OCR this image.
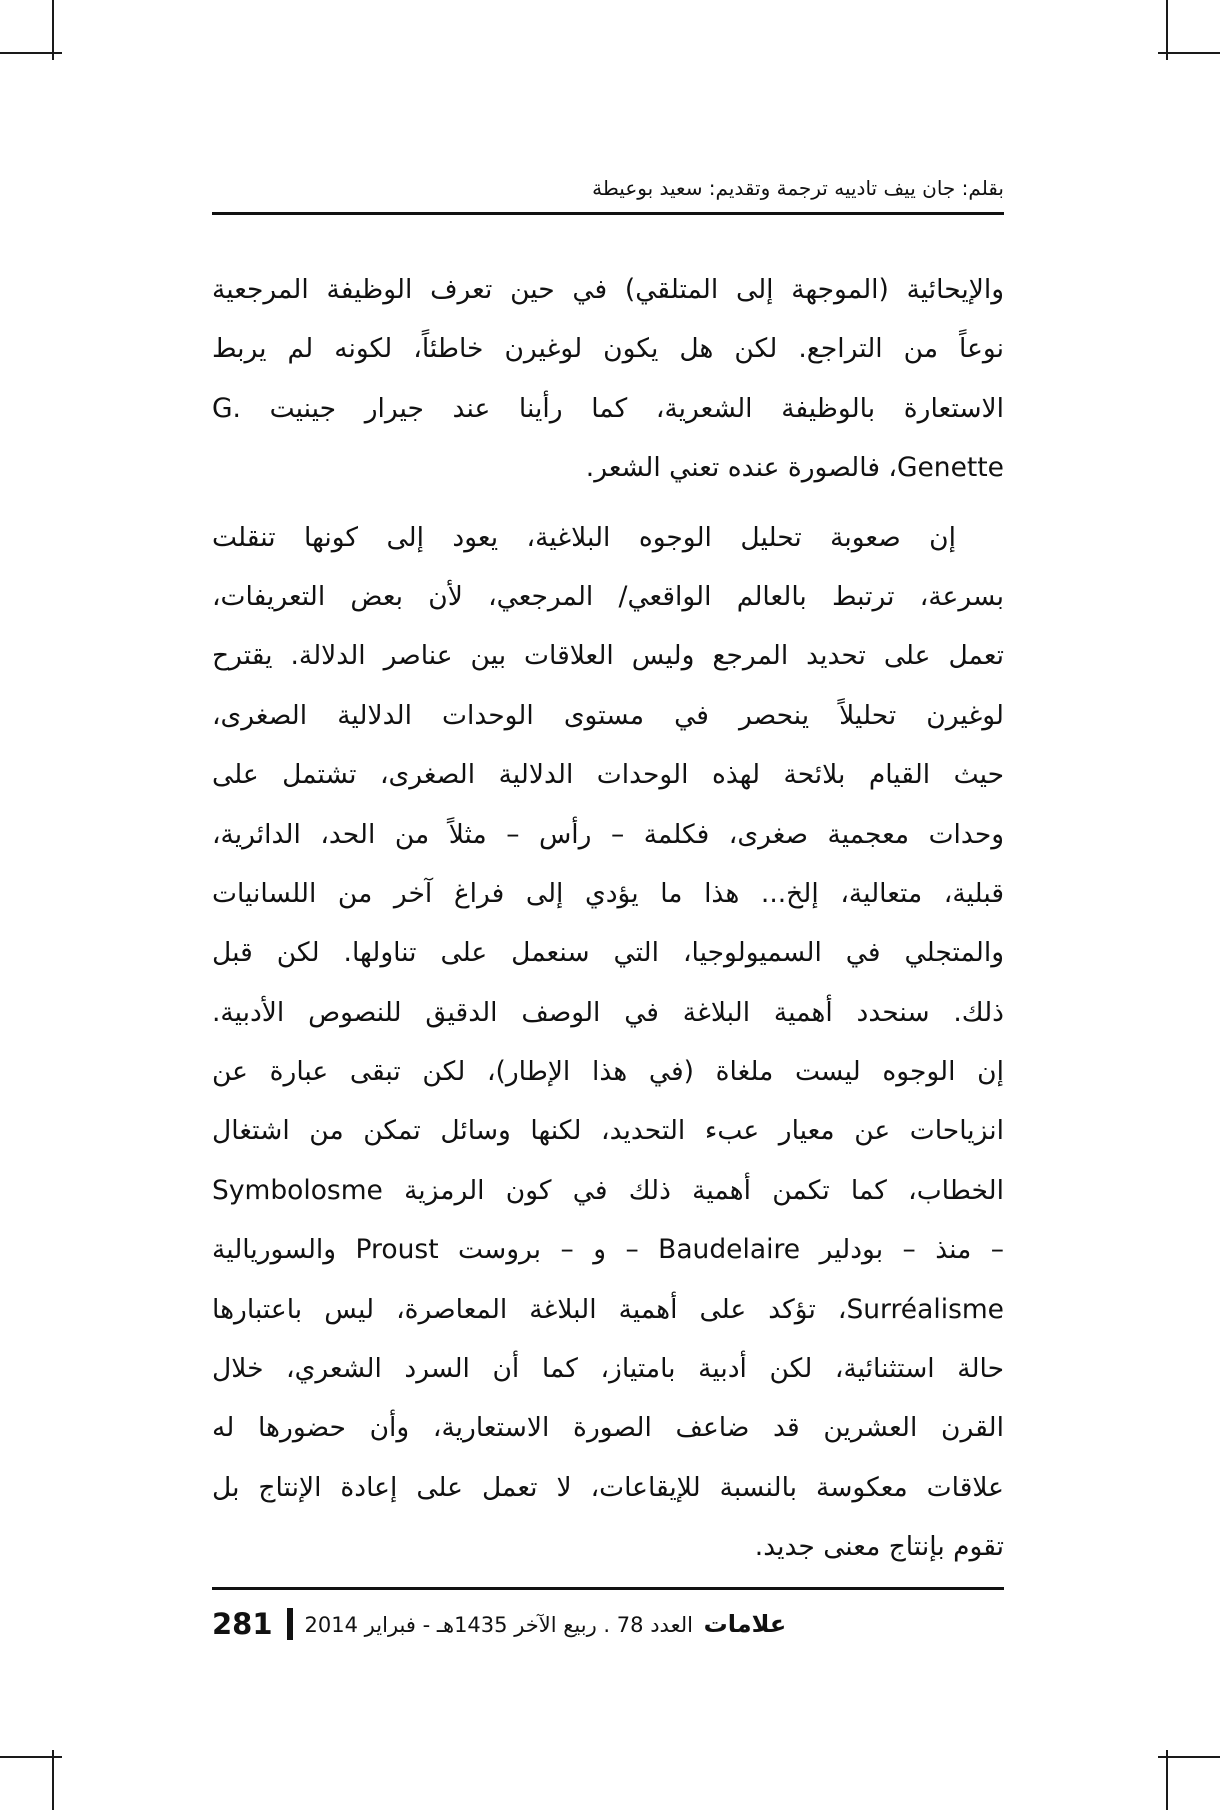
بقلم: جان ييف تادييه ترجمة وتقديم: سعيد بوعيطة
والإيحائية (الموجهة إلى المتلقي) في حين تعرف الوظيفة المرجعية
نوعاً من التراجع. لكن هل يكون لوغيرن خاطئاً، لكونه لم يربط
الاستعارة بالوظيفة الشعرية، كما رأينا عند جيرار جينيت .G
Genette، فالصورة عنده تعني الشعر.
إن صعوبة تحليل الوجوه البلاغية، يعود إلى كونها تنقلت
بسرعة، ترتبط بالعالم الواقعي/ المرجعي، لأن بعض التعريفات،
تعمل على تحديد المرجع وليس العلاقات بين عناصر الدلالة. يقترح
لوغيرن تحليلاً ينحصر في مستوى الوحدات الدلالية الصغرى،
حيث القيام بلائحة لهذه الوحدات الدلالية الصغرى، تشتمل على
وحدات معجمية صغرى، فكلمة – رأس – مثلاً من الحد، الدائرية،
قبلية، متعالية، إلخ... هذا ما يؤدي إلى فراغ آخر من اللسانيات
والمتجلي في السميولوجيا، التي سنعمل على تناولها. لكن قبل
ذلك. سنحدد أهمية البلاغة في الوصف الدقيق للنصوص الأدبية.
إن الوجوه ليست ملغاة (في هذا الإطار)، لكن تبقى عبارة عن
انزياحات عن معيار عبء التحديد، لكنها وسائل تمكن من اشتغال
الخطاب، كما تكمن أهمية ذلك في كون الرمزية Symbolosme
– منذ – بودلير Baudelaire – و – بروست Proust والسوريالية
Surréalisme، تؤكد على أهمية البلاغة المعاصرة، ليس باعتبارها
حالة استثنائية، لكن أدبية بامتياز، كما أن السرد الشعري، خلال
القرن العشرين قد ضاعف الصورة الاستعارية، وأن حضورها له
علاقات معكوسة بالنسبة للإيقاعات، لا تعمل على إعادة الإنتاج بل
تقوم بإنتاج معنى جديد.
281	علامات العدد 78 . ربيع الآخر 1435هـ - فبراير 2014
